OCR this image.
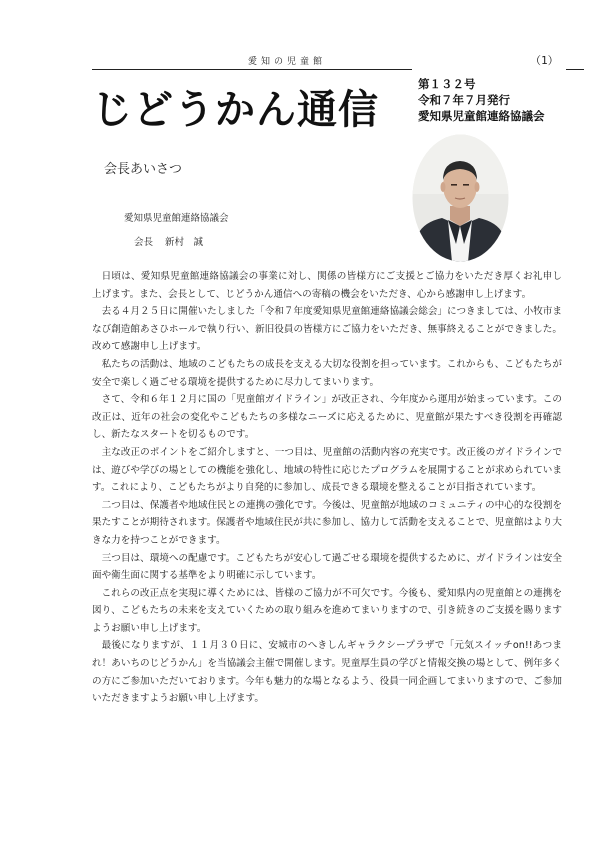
愛知の児童館	（1）
じどうかん通信
第１３２号
令和７年７月発行
愛知県児童館連絡協議会
会長あいさつ
愛知県児童館連絡協議会
会長 新村　誠

日頃は、愛知県児童館連絡協議会の事業に対し、関係の皆様方にご支援とご協力をいただき厚くお礼申し上げます。また、会長として、じどうかん通信への寄稿の機会をいただき、心から感謝申し上げます。

去る４月２５日に開催いたしました「令和７年度愛知県児童館連絡協議会総会」につきましては、小牧市まなび創造館あさひホールで執り行い、新旧役員の皆様方にご協力をいただき、無事終えることができました。改めて感謝申し上げます。

私たちの活動は、地域のこどもたちの成長を支える大切な役割を担っています。これからも、こどもたちが安全で楽しく過ごせる環境を提供するために尽力してまいります。

さて、令和６年１２月に国の「児童館ガイドライン」が改正され、今年度から運用が始まっています。この改正は、近年の社会の変化やこどもたちの多様なニーズに応えるために、児童館が果たすべき役割を再確認し、新たなスタートを切るものです。

主な改正のポイントをご紹介しますと、一つ目は、児童館の活動内容の充実です。改正後のガイドラインでは、遊びや学びの場としての機能を強化し、地域の特性に応じたプログラムを展開することが求められています。これにより、こどもたちがより自発的に参加し、成長できる環境を整えることが目指されています。

二つ目は、保護者や地域住民との連携の強化です。今後は、児童館が地域のコミュニティの中心的な役割を果たすことが期待されます。保護者や地域住民が共に参加し、協力して活動を支えることで、児童館はより大きな力を持つことができます。

三つ目は、環境への配慮です。こどもたちが安心して過ごせる環境を提供するために、ガイドラインは安全面や衛生面に関する基準をより明確に示しています。

これらの改正点を実現に導くためには、皆様のご協力が不可欠です。今後も、愛知県内の児童館との連携を図り、こどもたちの未来を支えていくための取り組みを進めてまいりますので、引き続きのご支援を賜りますようお願い申し上げます。

最後になりますが、１１月３０日に、安城市のへきしんギャラクシープラザで「元気スイッチon!!あつまれ！あいちのじどうかん」を当協議会主催で開催します。児童厚生員の学びと情報交換の場として、例年多くの方にご参加いただいております。今年も魅力的な場となるよう、役員一同企画してまいりますので、ご参加いただきますようお願い申し上げます。
